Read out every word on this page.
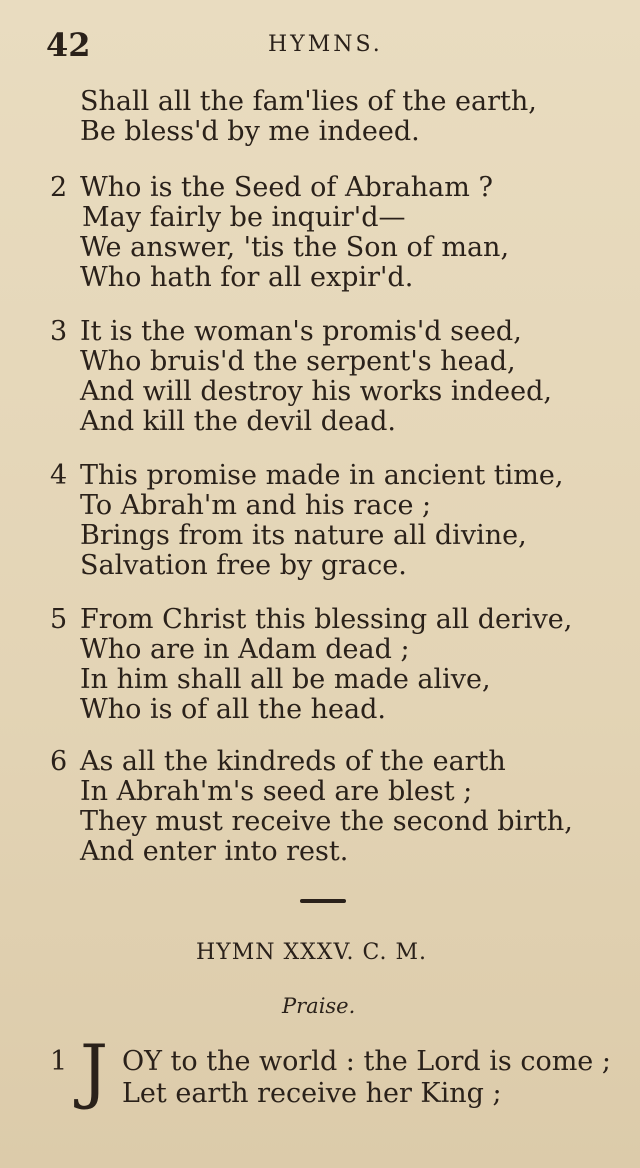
42	HYMNS.
Shall all the fam'lies of the earth,
Be bless'd by me indeed.
2 Who is the Seed of Abraham ?
May fairly be inquir'd—
We answer, 'tis the Son of man,
Who hath for all expir'd.
3 It is the woman's promis'd seed,
Who bruis'd the serpent's head,
And will destroy his works indeed,
And kill the devil dead.
4 This promise made in ancient time,
To Abrah'm and his race ;
Brings from its nature all divine,
Salvation free by grace.
5 From Christ this blessing all derive,
Who are in Adam dead ;
In him shall all be made alive,
Who is of all the head.
6 As all the kindreds of the earth
In Abrah'm's seed are blest ;
They must receive the second birth,
And enter into rest.
HYMN XXXV. C. M.
Praise.
1 J OY to the world : the Lord is come ;
Let earth receive her King ;
